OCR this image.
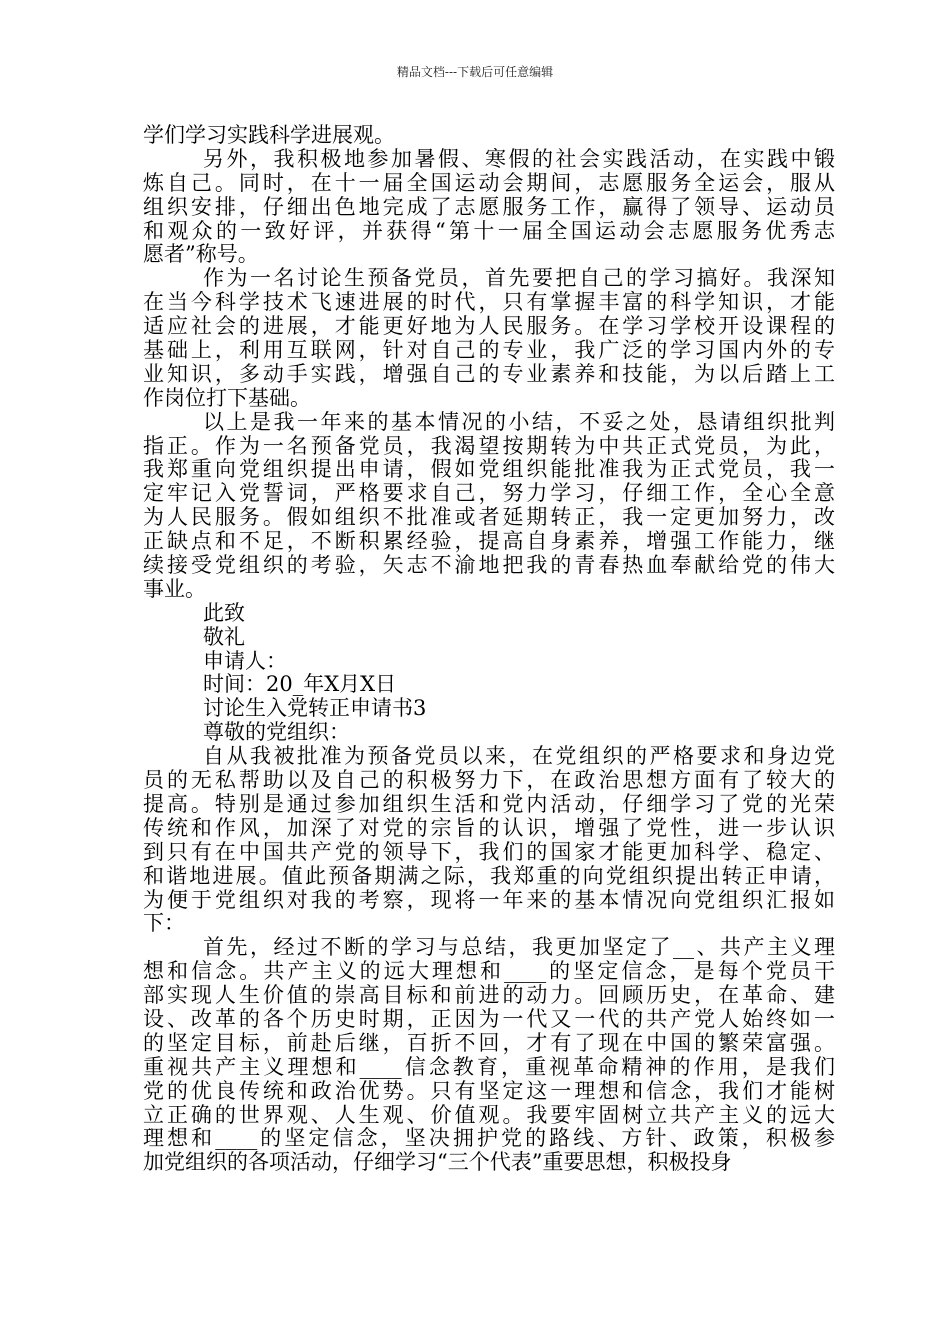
精品文档---下载后可任意编辑
学们学习实践科学进展观。
另外，我积极地参加暑假、寒假的社会实践活动，在实践中锻
炼自己。同时，在十一届全国运动会期间，志愿服务全运会，服从
组织安排，仔细出色地完成了志愿服务工作，赢得了领导、运动员
和观众的一致好评，并获得“第十一届全国运动会志愿服务优秀志
愿者”称号。
作为一名讨论生预备党员，首先要把自己的学习搞好。我深知
在当今科学技术飞速进展的时代，只有掌握丰富的科学知识，才能
适应社会的进展，才能更好地为人民服务。在学习学校开设课程的
基础上，利用互联网，针对自己的专业，我广泛的学习国内外的专
业知识，多动手实践，增强自己的专业素养和技能，为以后踏上工
作岗位打下基础。
以上是我一年来的基本情况的小结，不妥之处，恳请组织批判
指正。作为一名预备党员，我渴望按期转为中共正式党员，为此，
我郑重向党组织提出申请，假如党组织能批准我为正式党员，我一
定牢记入党誓词，严格要求自己，努力学习，仔细工作，全心全意
为人民服务。假如组织不批准或者延期转正，我一定更加努力，改
正缺点和不足，不断积累经验，提高自身素养，增强工作能力，继
续接受党组织的考验，矢志不渝地把我的青春热血奉献给党的伟大
事业。
此致
敬礼
申请人：
时间：20_年X月X日
讨论生入党转正申请书3
尊敬的党组织：
自从我被批准为预备党员以来，在党组织的严格要求和身边党
员的无私帮助以及自己的积极努力下，在政治思想方面有了较大的
提高。特别是通过参加组织生活和党内活动，仔细学习了党的光荣
传统和作风，加深了对党的宗旨的认识，增强了党性，进一步认识
到只有在中国共产党的领导下，我们的国家才能更加科学、稳定、
和谐地进展。值此预备期满之际，我郑重的向党组织提出转正申请，
为便于党组织对我的考察，现将一年来的基本情况向党组织汇报如
下：
首先，经过不断的学习与总结，我更加坚定了__、共产主义理
想和信念。共产主义的远大理想和____的坚定信念，是每个党员干
部实现人生价值的崇高目标和前进的动力。回顾历史，在革命、建
设、改革的各个历史时期，正因为一代又一代的共产党人始终如一
的坚定目标，前赴后继，百折不回，才有了现在中国的繁荣富强。
重视共产主义理想和____信念教育，重视革命精神的作用，是我们
党的优良传统和政治优势。只有坚定这一理想和信念，我们才能树
立正确的世界观、人生观、价值观。我要牢固树立共产主义的远大
理想和____的坚定信念，坚决拥护党的路线、方针、政策，积极参
加党组织的各项活动，仔细学习“三个代表”重要思想，积极投身
